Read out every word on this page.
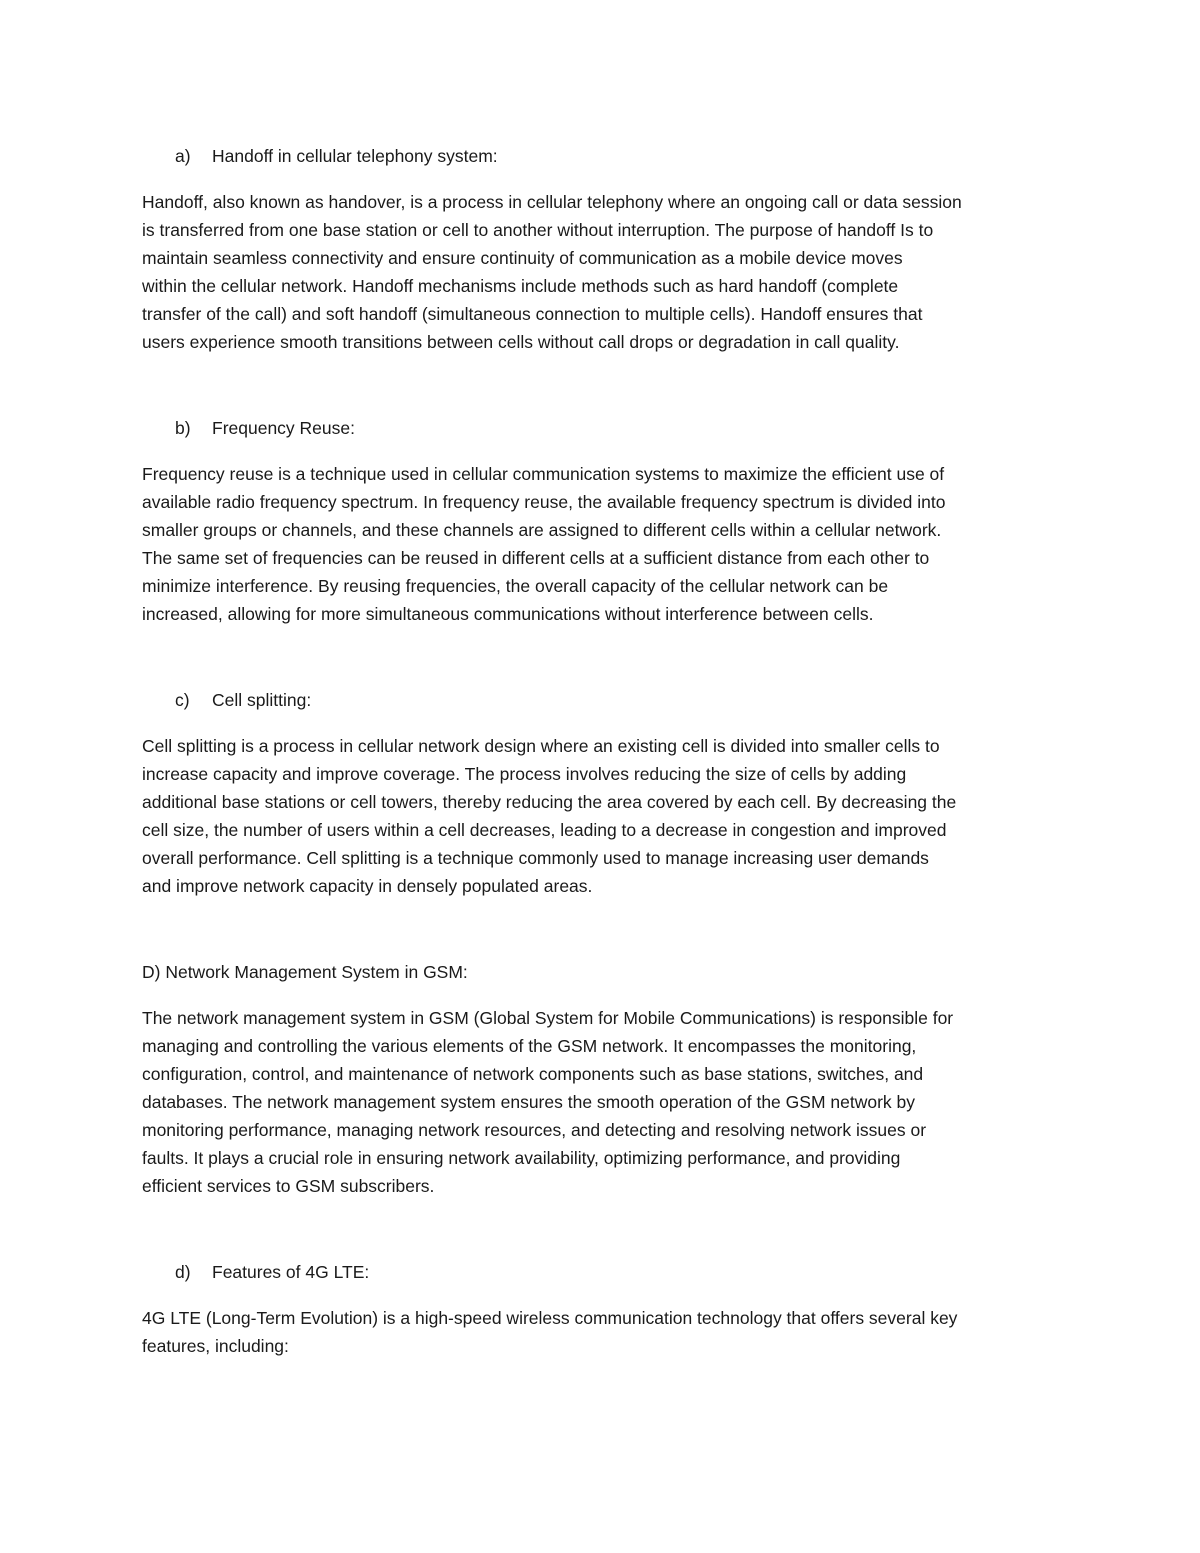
a) Handoff in cellular telephony system:

Handoff, also known as handover, is a process in cellular telephony where an ongoing call or data session

is transferred from one base station or cell to another without interruption. The purpose of handoff Is to

maintain seamless connectivity and ensure continuity of communication as a mobile device moves

within the cellular network. Handoff mechanisms include methods such as hard handoff (complete

transfer of the call) and soft handoff (simultaneous connection to multiple cells). Handoff ensures that

users experience smooth transitions between cells without call drops or degradation in call quality.

b) Frequency Reuse:

Frequency reuse is a technique used in cellular communication systems to maximize the efficient use of

available radio frequency spectrum. In frequency reuse, the available frequency spectrum is divided into

smaller groups or channels, and these channels are assigned to different cells within a cellular network.

The same set of frequencies can be reused in different cells at a sufficient distance from each other to

minimize interference. By reusing frequencies, the overall capacity of the cellular network can be

increased, allowing for more simultaneous communications without interference between cells.

c) Cell splitting:

Cell splitting is a process in cellular network design where an existing cell is divided into smaller cells to

increase capacity and improve coverage. The process involves reducing the size of cells by adding

additional base stations or cell towers, thereby reducing the area covered by each cell. By decreasing the

cell size, the number of users within a cell decreases, leading to a decrease in congestion and improved

overall performance. Cell splitting is a technique commonly used to manage increasing user demands

and improve network capacity in densely populated areas.

D) Network Management System in GSM:

The network management system in GSM (Global System for Mobile Communications) is responsible for

managing and controlling the various elements of the GSM network. It encompasses the monitoring,

configuration, control, and maintenance of network components such as base stations, switches, and

databases. The network management system ensures the smooth operation of the GSM network by

monitoring performance, managing network resources, and detecting and resolving network issues or

faults. It plays a crucial role in ensuring network availability, optimizing performance, and providing

efficient services to GSM subscribers.

d) Features of 4G LTE:

4G LTE (Long-Term Evolution) is a high-speed wireless communication technology that offers several key

features, including:
